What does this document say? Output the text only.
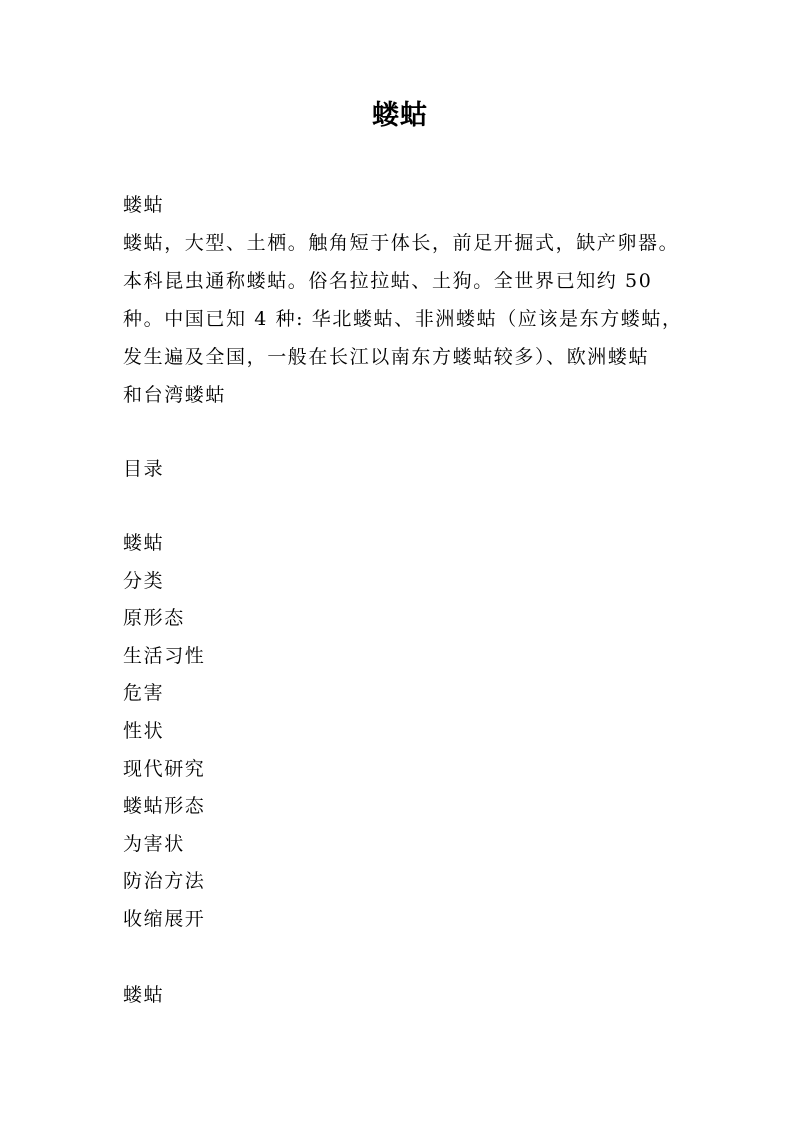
蝼蛄
蝼蛄
蝼蛄，大型、土栖。触角短于体长，前足开掘式，缺产卵器。
本科昆虫通称蝼蛄。俗名拉拉蛄、土狗。全世界已知约 50
种。中国已知 4 种: 华北蝼蛄、非洲蝼蛄（应该是东方蝼蛄，
发生遍及全国，一般在长江以南东方蝼蛄较多）、欧洲蝼蛄
和台湾蝼蛄
目录
蝼蛄
分类
原形态
生活习性
危害
性状
现代研究
蝼蛄形态
为害状
防治方法
收缩展开
蝼蛄
